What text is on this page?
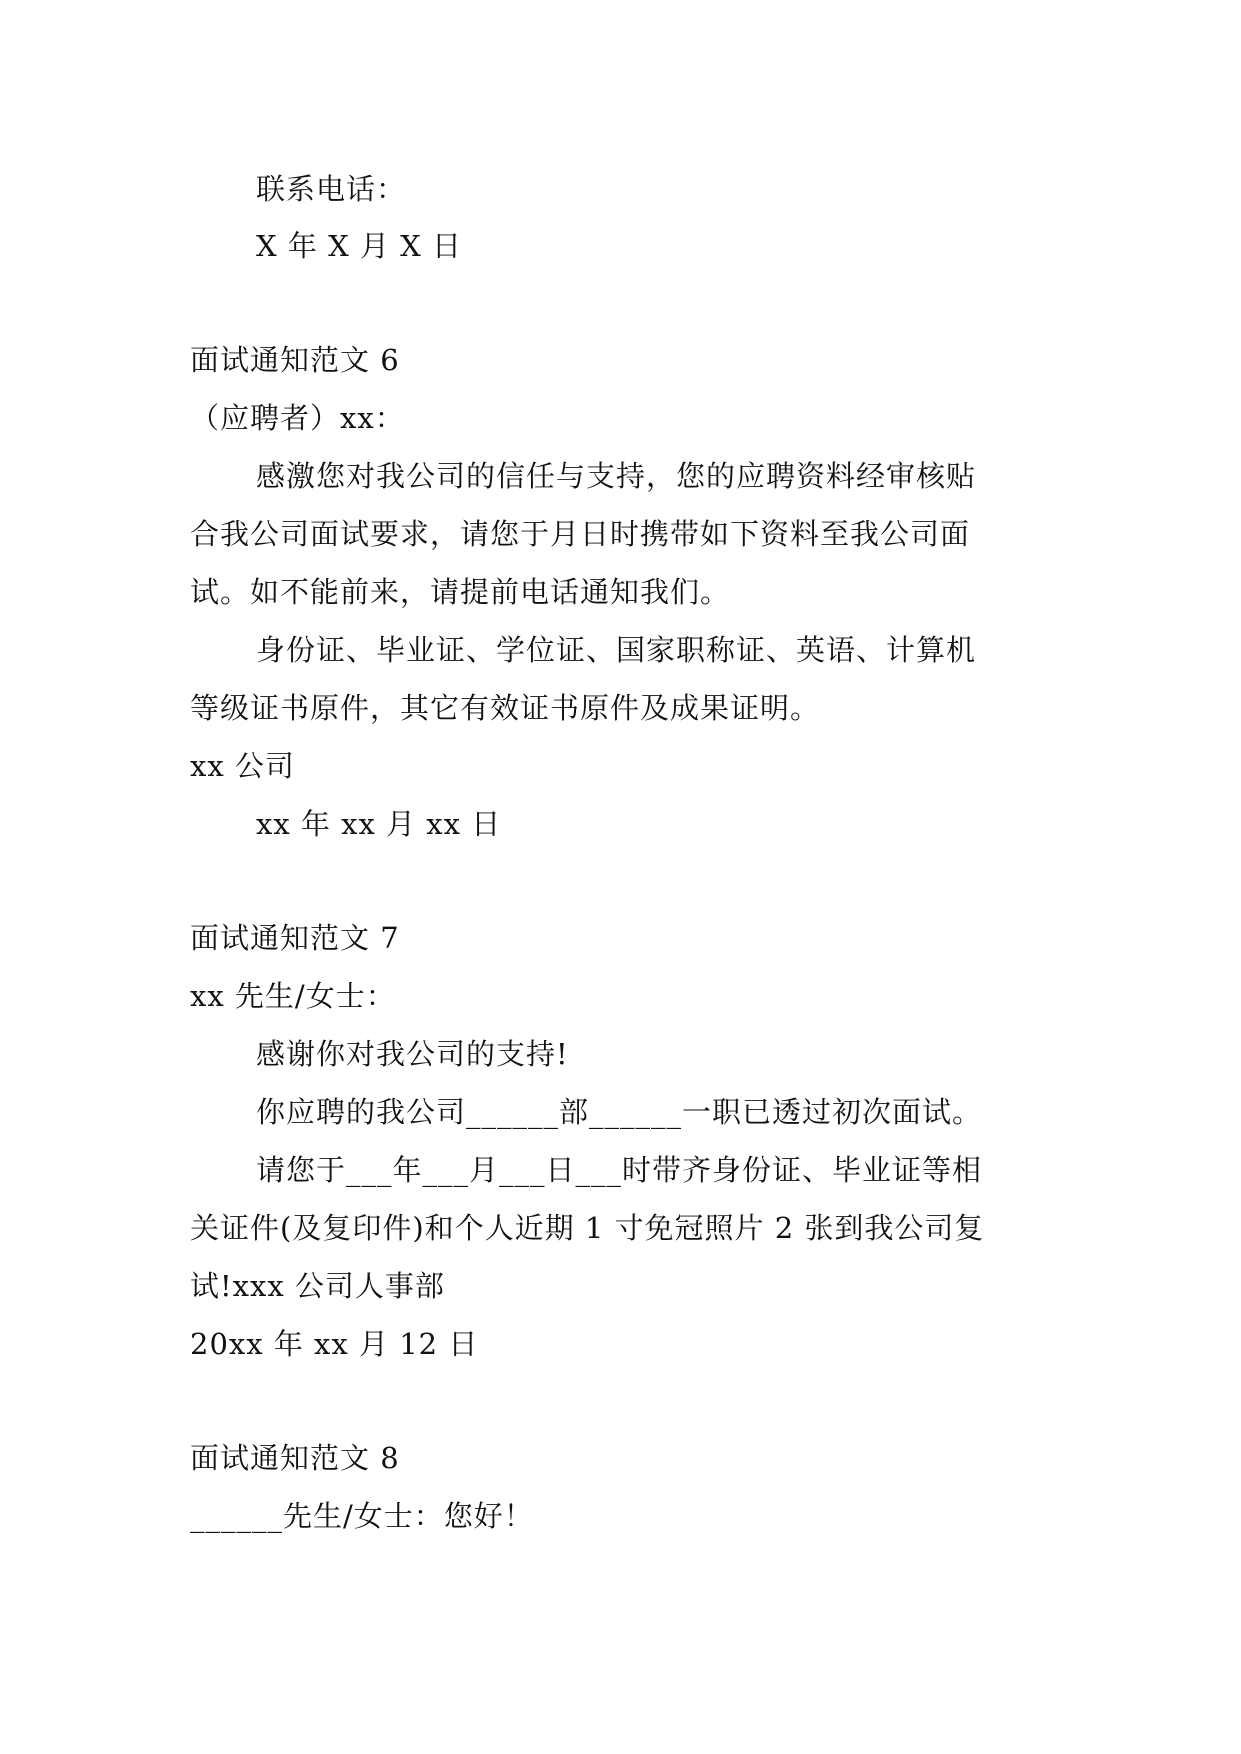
联系电话：
X 年 X 月 X 日
面试通知范文 6
（应聘者）xx：
感激您对我公司的信任与支持，您的应聘资料经审核贴
合我公司面试要求，请您于月日时携带如下资料至我公司面
试。如不能前来，请提前电话通知我们。
身份证、毕业证、学位证、国家职称证、英语、计算机
等级证书原件，其它有效证书原件及成果证明。
xx 公司
xx 年 xx 月 xx 日
面试通知范文 7
xx 先生/女士：
感谢你对我公司的支持!
你应聘的我公司______部______一职已透过初次面试。
请您于___年___月___日___时带齐身份证、毕业证等相
关证件(及复印件)和个人近期 1 寸免冠照片 2 张到我公司复
试!xxx 公司人事部
20xx 年 xx 月 12 日
面试通知范文 8
______先生/女士：您好！
